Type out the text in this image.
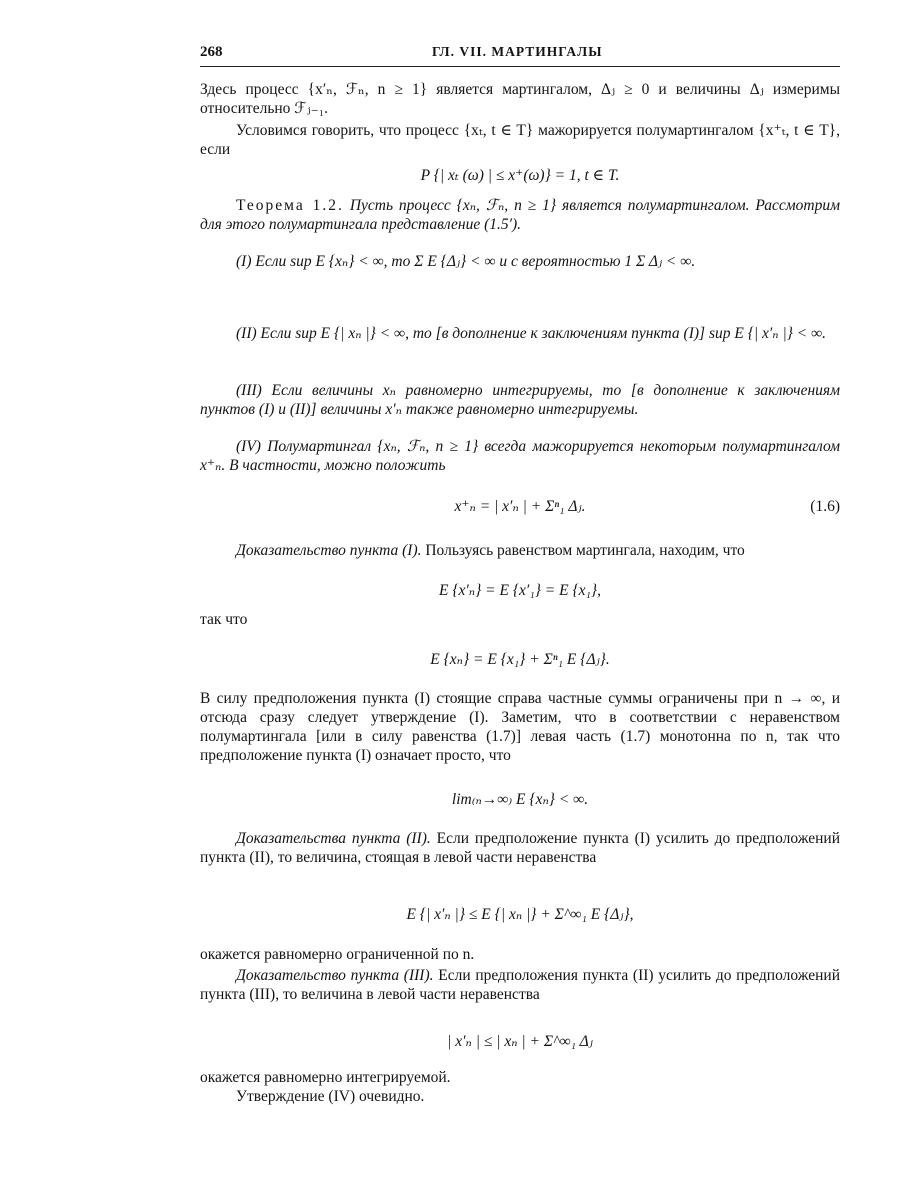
268	ГЛ. VII. МАРТИНГАЛЫ
Здесь процесс {x′ₙ, ℱₙ, n ≥ 1} является мартингалом, Δⱼ ≥ 0 и величины Δⱼ измеримы относительно ℱⱼ₋₁.
Условимся говорить, что процесс {xₜ, t ∈ T} мажорируется полумартингалом {x⁺ₜ, t ∈ T}, если
P {| xₜ (ω) | ≤ x⁺(ω)} = 1, t ∈ T.
Теорема 1.2. Пусть процесс {xₙ, ℱₙ, n ≥ 1} является полумартингалом. Рассмотрим для этого полумартингала представление (1.5′).
(I) Если sup E {xₙ} < ∞, то Σ E {Δⱼ} < ∞ и с вероятностью 1 Σ Δⱼ < ∞.
(II) Если sup E {| xₙ |} < ∞, то [в дополнение к заключениям пункта (I)] sup E {| x′ₙ |} < ∞.
(III) Если величины xₙ равномерно интегрируемы, то [в дополнение к заключениям пунктов (I) и (II)] величины x′ₙ также равномерно интегрируемы.
(IV) Полумартингал {xₙ, ℱₙ, n ≥ 1} всегда мажорируется некоторым полумартингалом x⁺ₙ. В частности, можно положить
x⁺ₙ = | x′ₙ | + Σⁿ₁ Δⱼ.	(1.6)
Доказательство пункта (I). Пользуясь равенством мартингала, находим, что
E {x′ₙ} = E {x′₁} = E {x₁},
так что
E {xₙ} = E {x₁} + Σⁿ₁ E {Δⱼ}.
В силу предположения пункта (I) стоящие справа частные суммы ограничены при n → ∞, и отсюда сразу следует утверждение (I). Заметим, что в соответствии с неравенством полумартингала [или в силу равенства (1.7)] левая часть (1.7) монотонна по n, так что предположение пункта (I) означает просто, что
lim₍ₙ→∞₎ E {xₙ} < ∞.
Доказательства пункта (II). Если предположение пункта (I) усилить до предположений пункта (II), то величина, стоящая в левой части неравенства
E {| x′ₙ |} ≤ E {| xₙ |} + Σ^∞₁ E {Δⱼ},
окажется равномерно ограниченной по n.
Доказательство пункта (III). Если предположения пункта (II) усилить до предположений пункта (III), то величина в левой части неравенства
| x′ₙ | ≤ | xₙ | + Σ^∞₁ Δⱼ
окажется равномерно интегрируемой.
Утверждение (IV) очевидно.
